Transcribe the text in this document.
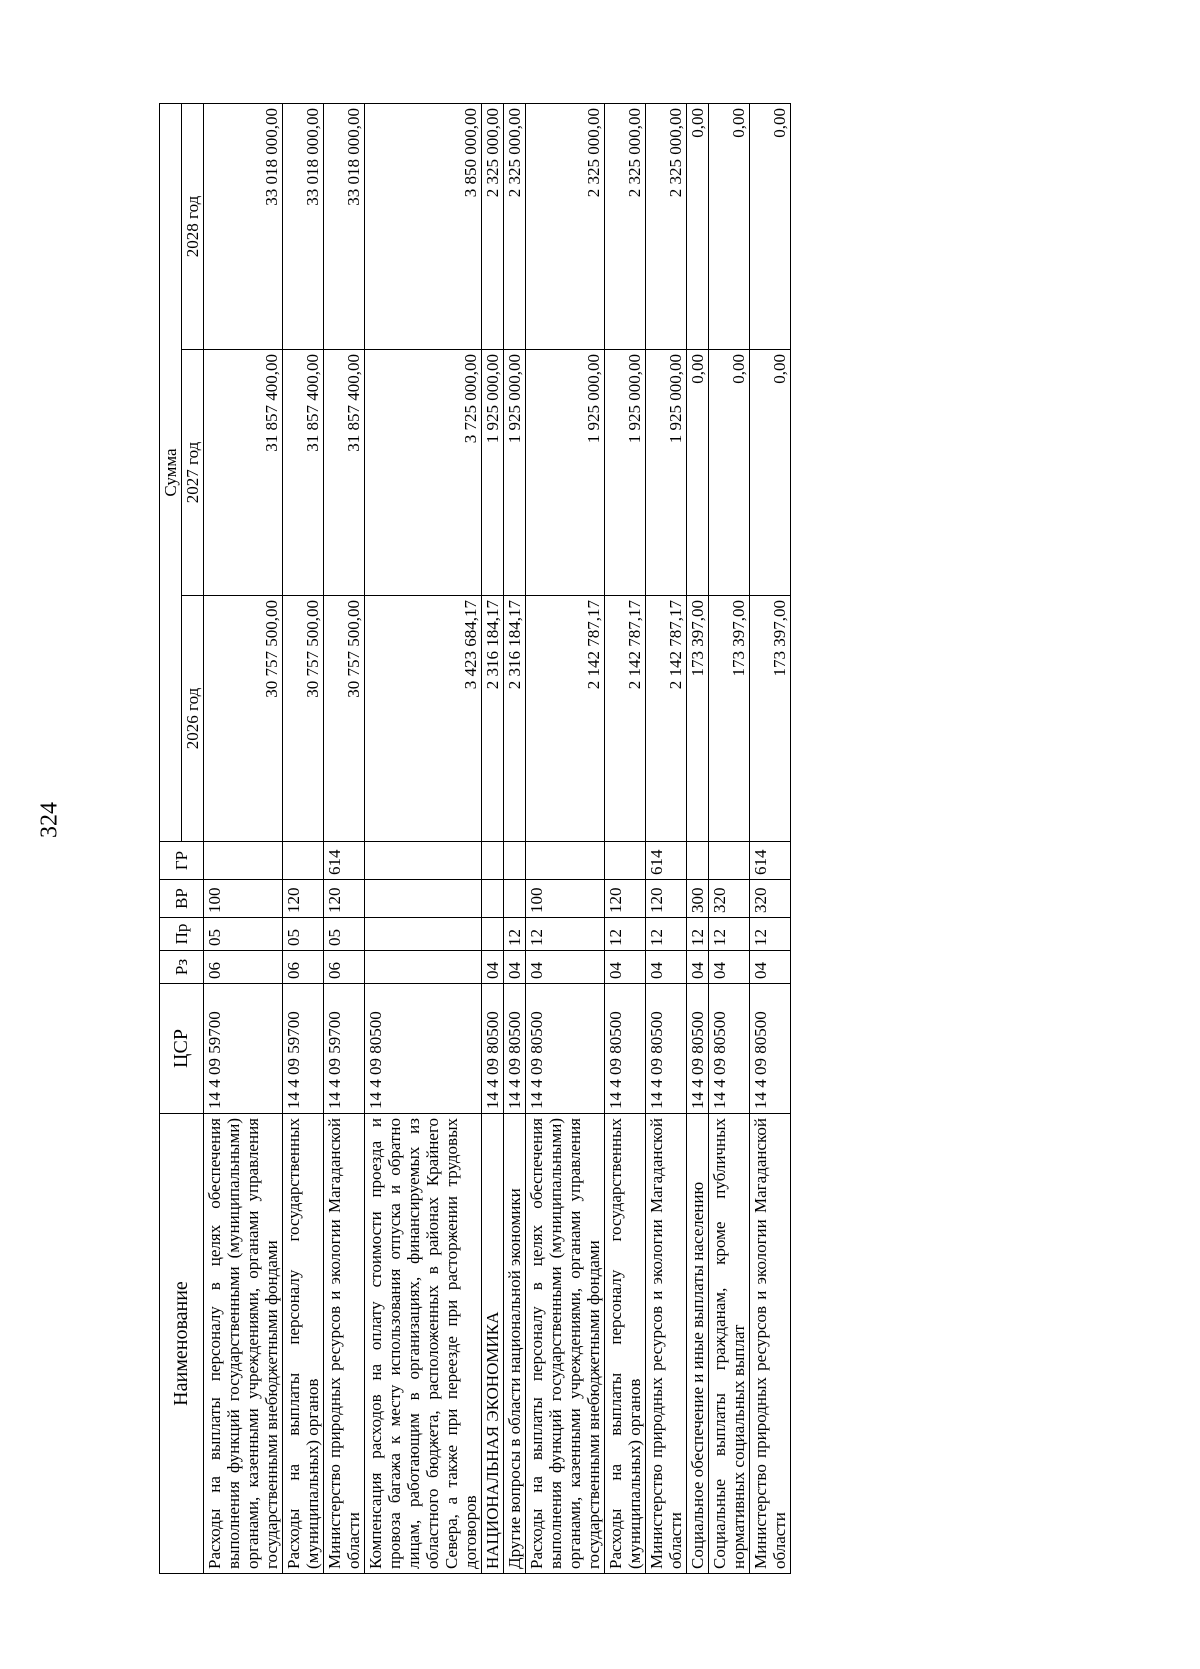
324
Наименование	ЦСР	Рз	Пр	ВР	ГР	Сумма		
						2026 год	2027 год	2028 год
Расходы на выплаты персоналу в целях обеспечения выполнения функций государственными (муниципальными) органами, казенными учреждениями, органами управления государственными внебюджетными фондами	14 4 09 59700	06	05	100		30 757 500,00	31 857 400,00	33 018 000,00
Расходы на выплаты персоналу государственных (муниципальных) органов	14 4 09 59700	06	05	120		30 757 500,00	31 857 400,00	33 018 000,00
Министерство природных ресурсов и экологии Магаданской области	14 4 09 59700	06	05	120	614	30 757 500,00	31 857 400,00	33 018 000,00
Компенсация расходов на оплату стоимости проезда и провоза багажа к месту использования отпуска и обратно лицам, работающим в организациях, финансируемых из областного бюджета, расположенных в районах Крайнего Севера, а также при переезде при расторжении трудовых договоров	14 4 09 80500					3 423 684,17	3 725 000,00	3 850 000,00
НАЦИОНАЛЬНАЯ ЭКОНОМИКА	14 4 09 80500	04				2 316 184,17	1 925 000,00	2 325 000,00
Другие вопросы в области национальной экономики	14 4 09 80500	04	12			2 316 184,17	1 925 000,00	2 325 000,00
Расходы на выплаты персоналу в целях обеспечения выполнения функций государственными (муниципальными) органами, казенными учреждениями, органами управления государственными внебюджетными фондами	14 4 09 80500	04	12	100		2 142 787,17	1 925 000,00	2 325 000,00
Расходы на выплаты персоналу государственных (муниципальных) органов	14 4 09 80500	04	12	120		2 142 787,17	1 925 000,00	2 325 000,00
Министерство природных ресурсов и экологии Магаданской области	14 4 09 80500	04	12	120	614	2 142 787,17	1 925 000,00	2 325 000,00
Социальное обеспечение и иные выплаты населению	14 4 09 80500	04	12	300		173 397,00	0,00	0,00
Социальные выплаты гражданам, кроме публичных нормативных социальных выплат	14 4 09 80500	04	12	320		173 397,00	0,00	0,00
Министерство природных ресурсов и экологии Магаданской области	14 4 09 80500	04	12	320	614	173 397,00	0,00	0,00
